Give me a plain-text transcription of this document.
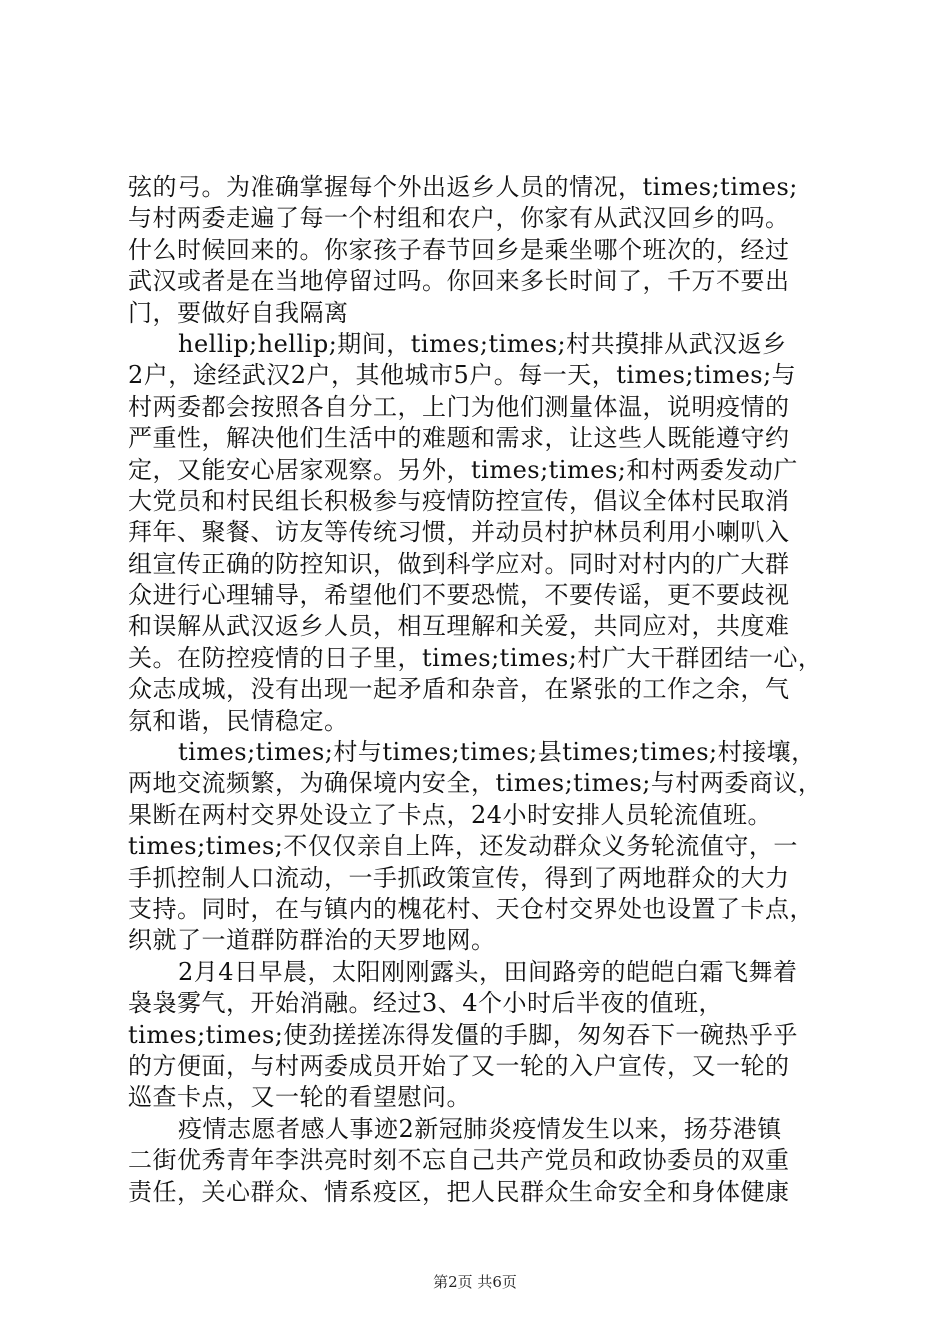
弦的弓。为准确掌握每个外出返乡人员的情况，times;times;
与村两委走遍了每一个村组和农户，你家有从武汉回乡的吗。
什么时候回来的。你家孩子春节回乡是乘坐哪个班次的，经过
武汉或者是在当地停留过吗。你回来多长时间了，千万不要出
门，要做好自我隔离
hellip;hellip;期间，times;times;村共摸排从武汉返乡
2户，途经武汉2户，其他城市5户。每一天，times;times;与
村两委都会按照各自分工，上门为他们测量体温，说明疫情的
严重性，解决他们生活中的难题和需求，让这些人既能遵守约
定，又能安心居家观察。另外，times;times;和村两委发动广
大党员和村民组长积极参与疫情防控宣传，倡议全体村民取消
拜年、聚餐、访友等传统习惯，并动员村护林员利用小喇叭入
组宣传正确的防控知识，做到科学应对。同时对村内的广大群
众进行心理辅导，希望他们不要恐慌，不要传谣，更不要歧视
和误解从武汉返乡人员，相互理解和关爱，共同应对，共度难
关。在防控疫情的日子里，times;times;村广大干群团结一心，
众志成城，没有出现一起矛盾和杂音，在紧张的工作之余，气
氛和谐，民情稳定。
times;times;村与times;times;县times;times;村接壤，
两地交流频繁，为确保境内安全，times;times;与村两委商议，
果断在两村交界处设立了卡点，24小时安排人员轮流值班。
times;times;不仅仅亲自上阵，还发动群众义务轮流值守，一
手抓控制人口流动，一手抓政策宣传，得到了两地群众的大力
支持。同时，在与镇内的槐花村、天仓村交界处也设置了卡点，
织就了一道群防群治的天罗地网。
2月4日早晨，太阳刚刚露头，田间路旁的皑皑白霜飞舞着
袅袅雾气，开始消融。经过3、4个小时后半夜的值班，
times;times;使劲搓搓冻得发僵的手脚，匆匆吞下一碗热乎乎
的方便面，与村两委成员开始了又一轮的入户宣传，又一轮的
巡查卡点，又一轮的看望慰问。
疫情志愿者感人事迹2新冠肺炎疫情发生以来，扬芬港镇
二街优秀青年李洪亮时刻不忘自己共产党员和政协委员的双重
责任，关心群众、情系疫区，把人民群众生命安全和身体健康
第2页 共6页
